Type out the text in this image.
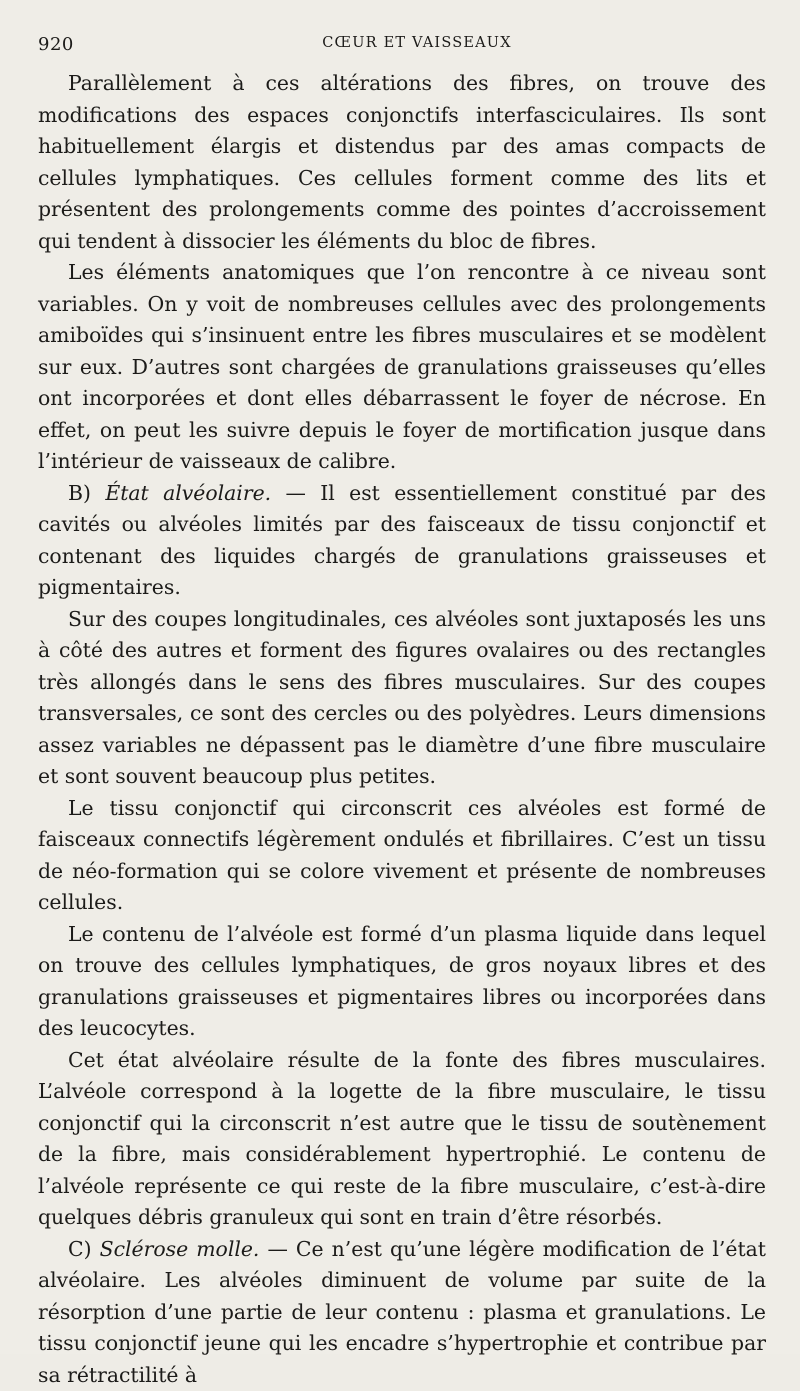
920	CŒUR ET VAISSEAUX

Parallèlement à ces altérations des fibres, on trouve des modifications des espaces conjonctifs interfasciculaires. Ils sont habituellement élargis et distendus par des amas compacts de cellules lymphatiques. Ces cellules forment comme des lits et présentent des prolongements comme des pointes d’accroissement qui tendent à dissocier les éléments du bloc de fibres.

Les éléments anatomiques que l’on rencontre à ce niveau sont variables. On y voit de nombreuses cellules avec des prolongements amiboïdes qui s’insinuent entre les fibres musculaires et se modèlent sur eux. D’autres sont chargées de granulations graisseuses qu’elles ont incorporées et dont elles débarrassent le foyer de nécrose. En effet, on peut les suivre depuis le foyer de mortification jusque dans l’intérieur de vaisseaux de calibre.

B) État alvéolaire. — Il est essentiellement constitué par des cavités ou alvéoles limités par des faisceaux de tissu conjonctif et contenant des liquides chargés de granulations graisseuses et pigmentaires.

Sur des coupes longitudinales, ces alvéoles sont juxtaposés les uns à côté des autres et forment des figures ovalaires ou des rectangles très allongés dans le sens des fibres musculaires. Sur des coupes transversales, ce sont des cercles ou des polyèdres. Leurs dimensions assez variables ne dépassent pas le diamètre d’une fibre musculaire et sont souvent beaucoup plus petites.

Le tissu conjonctif qui circonscrit ces alvéoles est formé de faisceaux connectifs légèrement ondulés et fibrillaires. C’est un tissu de néo-formation qui se colore vivement et présente de nombreuses cellules.

Le contenu de l’alvéole est formé d’un plasma liquide dans lequel on trouve des cellules lymphatiques, de gros noyaux libres et des granulations graisseuses et pigmentaires libres ou incorporées dans des leucocytes.

Cet état alvéolaire résulte de la fonte des fibres musculaires. L’alvéole correspond à la logette de la fibre musculaire, le tissu conjonctif qui la circonscrit n’est autre que le tissu de soutènement de la fibre, mais considérablement hypertrophié. Le contenu de l’alvéole représente ce qui reste de la fibre musculaire, c’est-à-dire quelques débris granuleux qui sont en train d’être résorbés.

C) Sclérose molle. — Ce n’est qu’une légère modification de l’état alvéolaire. Les alvéoles diminuent de volume par suite de la résorption d’une partie de leur contenu : plasma et granulations. Le tissu conjonctif jeune qui les encadre s’hypertrophie et contribue par sa rétractilité à
